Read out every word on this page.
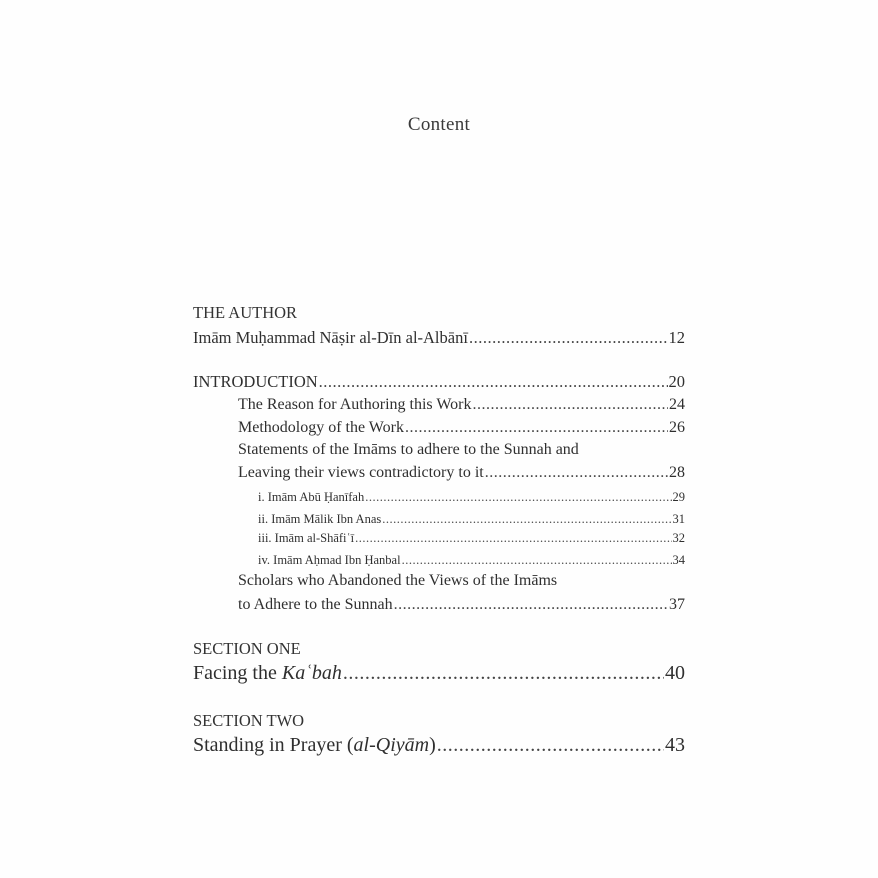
Content
THE AUTHOR
Imām Muḥammad Nāṣir al-Dīn al-Albānī .....	12
INTRODUCTION .....	20
The Reason for Authoring this Work .....	24
Methodology of the Work .....	26
Statements of the Imāms to adhere to the Sunnah and
Leaving their views contradictory to it .....	28
i. Imām Abū Ḥanīfah .....	29
ii. Imām Mālik Ibn Anas .....	31
iii. Imām al-Shāfiʿī .....	32
iv. Imām Aḥmad Ibn Ḥanbal .....	34
Scholars who Abandoned the Views of the Imāms
to Adhere to the Sunnah .....	37
SECTION ONE
Facing the Kaʿbah .....	40
SECTION TWO
Standing in Prayer (al-Qiyām) .....	43
